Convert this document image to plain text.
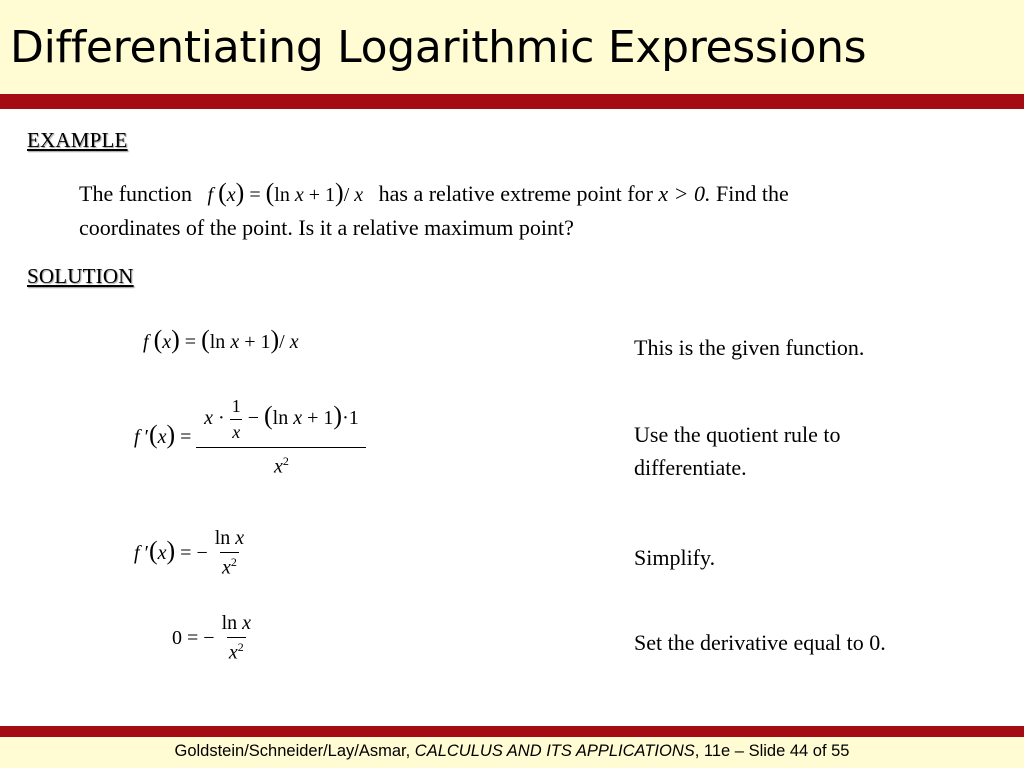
Differentiating Logarithmic Expressions
EXAMPLE
The function f (x) = (ln x + 1)/ x has a relative extreme point for x > 0. Find the
coordinates of the point. Is it a relative maximum point?
SOLUTION
f (x) = (ln x + 1)/ x	This is the given function.
f $'(x) = \frac{x \cdot \frac{1}{x} - (\ln x + 1)\cdot 1}{x^2}$	Use the quotient rule to
differentiate.
f ′(x) = − $\frac{\text{ln x}}{x^2}$	Simplify.
0 = − $\frac{\text{ln x}}{x^2}$	Set the derivative equal to 0.
Goldstein/Schneider/Lay/Asmar, CALCULUS AND ITS APPLICATIONS, 11e – Slide 44 of 55
